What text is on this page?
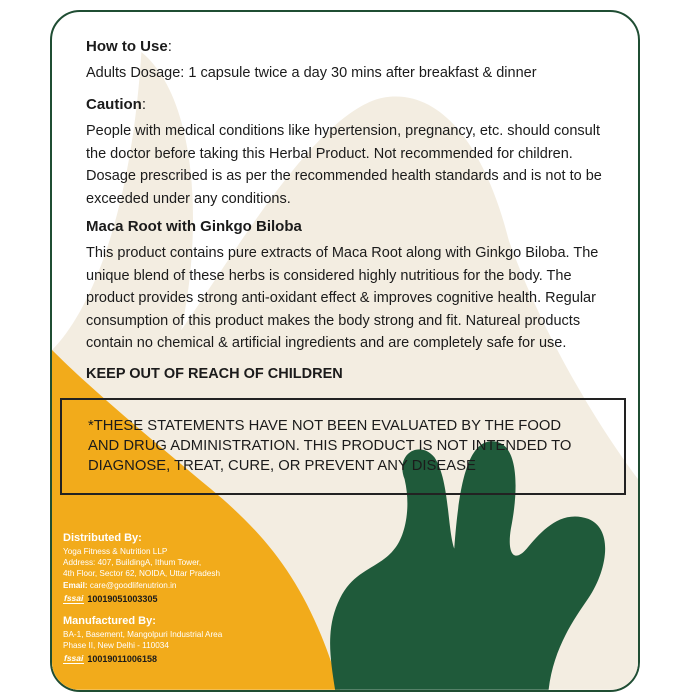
How to Use:
Adults Dosage: 1 capsule twice a day 30 mins after breakfast & dinner
Caution:
People with medical conditions like hypertension, pregnancy, etc. should consult
the doctor before taking this Herbal Product. Not recommended for children.
Dosage prescribed is as per the recommended health standards and is not to be
exceeded under any conditions.
Maca Root with Ginkgo Biloba
This product contains pure extracts of Maca Root along with Ginkgo Biloba. The
unique blend of these herbs is considered highly nutritious for the body. The
product provides strong anti-oxidant effect & improves cognitive health. Regular
consumption of this product makes the body strong and fit. Natureal products
contain no chemical & artificial ingredients and are completely safe for use.
KEEP OUT OF REACH OF CHILDREN
*THESE STATEMENTS HAVE NOT BEEN EVALUATED BY THE FOOD
AND DRUG ADMINISTRATION. THIS PRODUCT IS NOT INTENDED TO
DIAGNOSE, TREAT, CURE, OR PREVENT ANY DISEASE
Distributed By:
Yoga Fitness & Nutrition LLP
Address: 407, BuildingA, Ithum Tower,
4th Floor, Sector 62, NOIDA, Uttar Pradesh
Email: care@goodlifenutrion.in
fssai 10019051003305
Manufactured By:
BA-1, Basement, Mangolpuri Industrial Area
Phase II, New Delhi - 110034
fssai 10019011006158
